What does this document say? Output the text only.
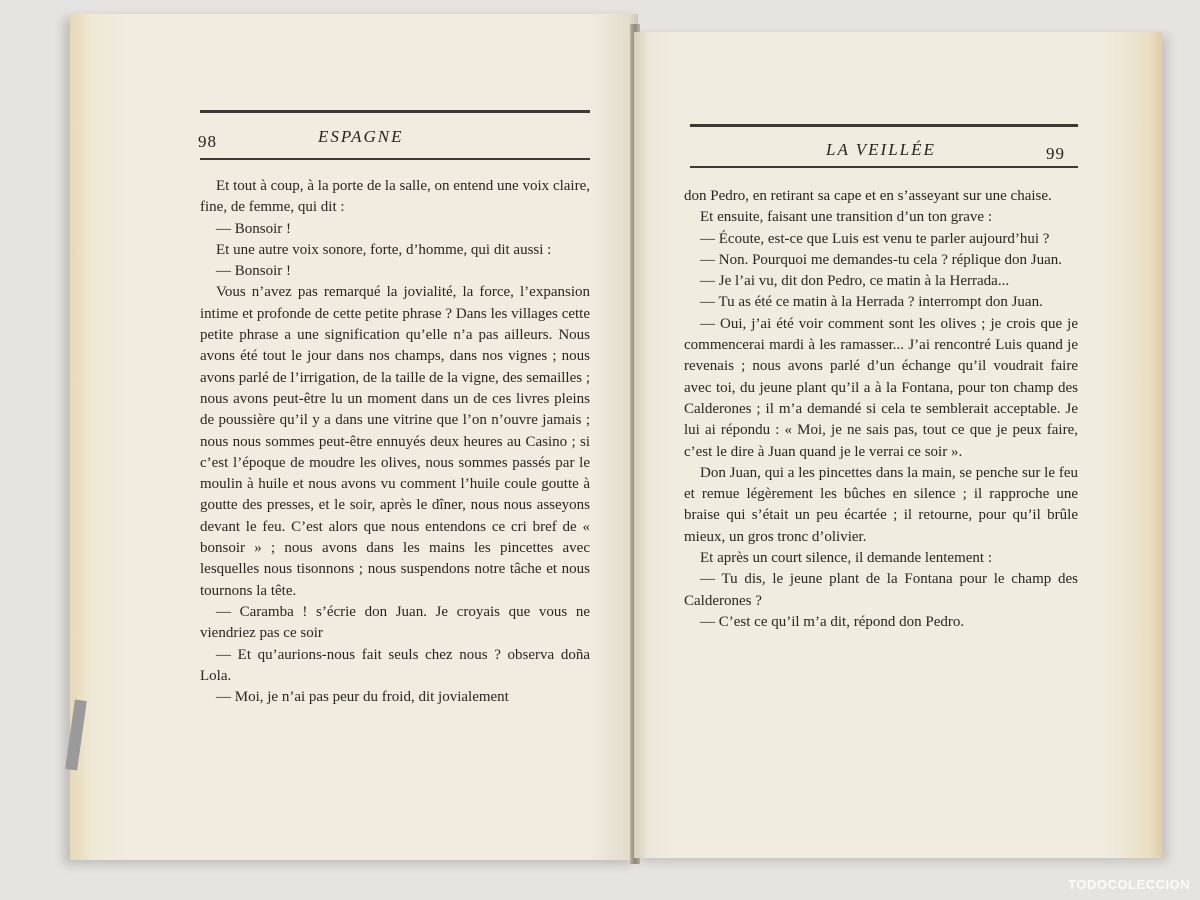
98	ESPAGNE

Et tout à coup, à la porte de la salle, on entend une voix claire, fine, de femme, qui dit :

— Bonsoir !

Et une autre voix sonore, forte, d’homme, qui dit aussi :

— Bonsoir !

Vous n’avez pas remarqué la jovialité, la force, l’expansion intime et profonde de cette petite phrase ? Dans les villages cette petite phrase a une signification qu’elle n’a pas ailleurs. Nous avons été tout le jour dans nos champs, dans nos vignes ; nous avons parlé de l’irrigation, de la taille de la vigne, des semailles ; nous avons peut-être lu un moment dans un de ces livres pleins de poussière qu’il y a dans une vitrine que l’on n’ouvre jamais ; nous nous sommes peut-être ennuyés deux heures au Casino ; si c’est l’époque de moudre les olives, nous sommes passés par le moulin à huile et nous avons vu comment l’huile coule goutte à goutte des presses, et le soir, après le dîner, nous nous asseyons devant le feu. C’est alors que nous entendons ce cri bref de « bonsoir » ; nous avons dans les mains les pincettes avec lesquelles nous tisonnons ; nous suspendons notre tâche et nous tournons la tête.

— Caramba ! s’écrie don Juan. Je croyais que vous ne viendriez pas ce soir

— Et qu’aurions-nous fait seuls chez nous ? observa doña Lola.

— Moi, je n’ai pas peur du froid, dit jovialement

LA VEILLÉE	99

don Pedro, en retirant sa cape et en s’asseyant sur une chaise.

Et ensuite, faisant une transition d’un ton grave :

— Écoute, est-ce que Luis est venu te parler aujourd’hui ?

— Non. Pourquoi me demandes-tu cela ? réplique don Juan.

— Je l’ai vu, dit don Pedro, ce matin à la Herrada...

— Tu as été ce matin à la Herrada ? interrompt don Juan.

— Oui, j’ai été voir comment sont les olives ; je crois que je commencerai mardi à les ramasser... J’ai rencontré Luis quand je revenais ; nous avons parlé d’un échange qu’il voudrait faire avec toi, du jeune plant qu’il a à la Fontana, pour ton champ des Calderones ; il m’a demandé si cela te semblerait acceptable. Je lui ai répondu : « Moi, je ne sais pas, tout ce que je peux faire, c’est le dire à Juan quand je le verrai ce soir ».

Don Juan, qui a les pincettes dans la main, se penche sur le feu et remue légèrement les bûches en silence ; il rapproche une braise qui s’était un peu écartée ; il retourne, pour qu’il brûle mieux, un gros tronc d’olivier.

Et après un court silence, il demande lentement :

— Tu dis, le jeune plant de la Fontana pour le champ des Calderones ?

— C’est ce qu’il m’a dit, répond don Pedro.

TODOCOLECCION
